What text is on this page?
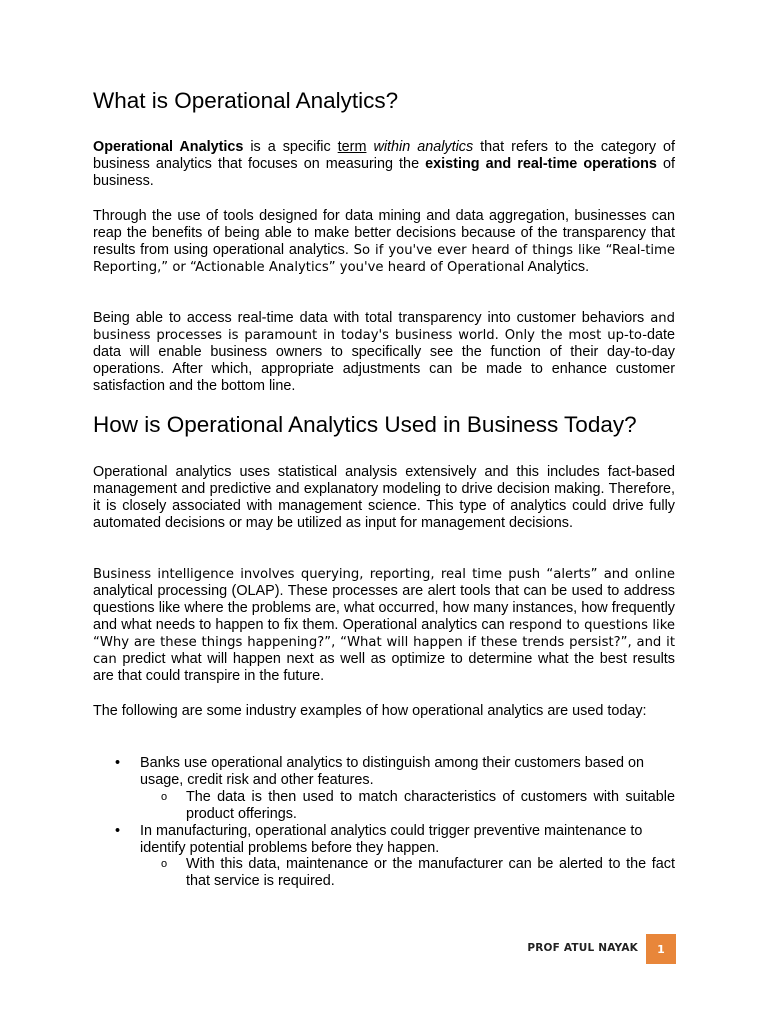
What is Operational Analytics?

Operational Analytics is a specific term within analytics that refers to the category of business analytics that focuses on measuring the existing and real-time operations of business.

Through the use of tools designed for data mining and data aggregation, businesses can reap the benefits of being able to make better decisions because of the transparency that results from using operational analytics. So if you've ever heard of things like “Real-time Reporting,” or “Actionable Analytics” you've heard of Operational Analytics.

Being able to access real-time data with total transparency into customer behaviors and business processes is paramount in today's business world. Only the most up-to-date data will enable business owners to specifically see the function of their day-to-day operations. After which, appropriate adjustments can be made to enhance customer satisfaction and the bottom line.

How is Operational Analytics Used in Business Today?

Operational analytics uses statistical analysis extensively and this includes fact-based management and predictive and explanatory modeling to drive decision making. Therefore, it is closely associated with management science. This type of analytics could drive fully automated decisions or may be utilized as input for management decisions.

Business intelligence involves querying, reporting, real time push “alerts” and online analytical processing (OLAP). These processes are alert tools that can be used to address questions like where the problems are, what occurred, how many instances, how frequently and what needs to happen to fix them. Operational analytics can respond to questions like “Why are these things happening?”, “What will happen if these trends persist?”, and it can predict what will happen next as well as optimize to determine what the best results are that could transpire in the future.

The following are some industry examples of how operational analytics are used today:

• Banks use operational analytics to distinguish among their customers based on usage, credit risk and other features.
o The data is then used to match characteristics of customers with suitable product offerings.
• In manufacturing, operational analytics could trigger preventive maintenance to identify potential problems before they happen.
o With this data, maintenance or the manufacturer can be alerted to the fact that service is required.
PROF ATUL NAYAK	1
